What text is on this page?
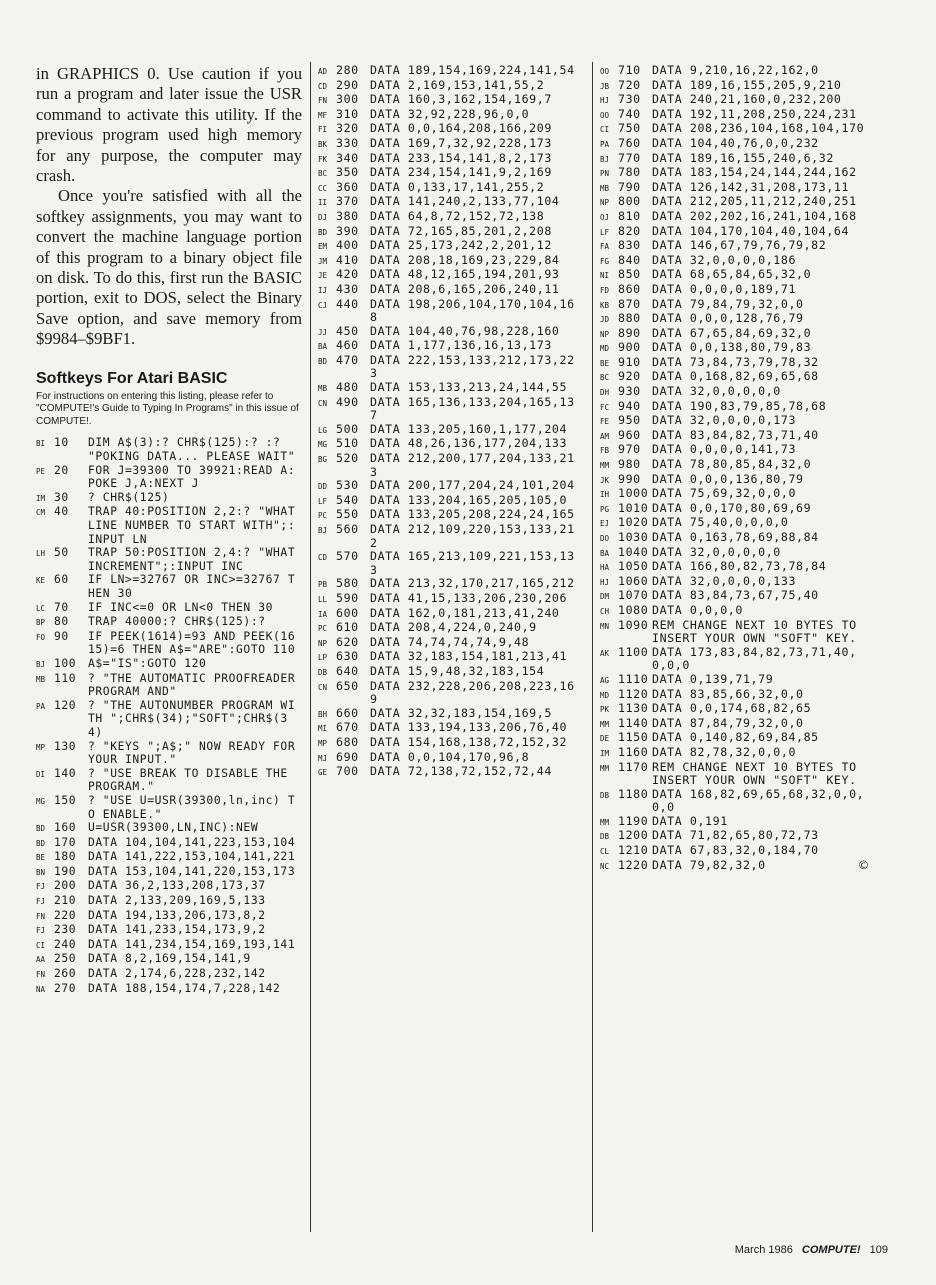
in GRAPHICS 0. Use caution if you run a program and later issue the USR command to activate this utility. If the previous program used high memory for any purpose, the computer may crash.

Once you're satisfied with all the softkey assignments, you may want to convert the machine language portion of this program to a binary object file on disk. To do this, first run the BASIC portion, exit to DOS, select the Binary Save option, and save memory from $9984–$9BF1.

Softkeys For Atari BASIC

For instructions on entering this listing, please refer to "COMPUTE!'s Guide to Typing In Programs" in this issue of COMPUTE!.

BI 10	DIM A$(3):? CHR$(125):? :? "POKING DATA... PLEASE WAIT"
PE 20	FOR J=39300 TO 39921:READ A:POKE J,A:NEXT J
IM 30	? CHR$(125)
CM 40	TRAP 40:POSITION 2,2:? "WHAT LINE NUMBER TO START WITH";:INPUT LN
LH 50	TRAP 50:POSITION 2,4:? "WHAT INCREMENT";:INPUT INC
KE 60	IF LN>=32767 OR INC>=32767 THEN 30
LC 70	IF INC<=0 OR LN<0 THEN 30
BP 80	TRAP 40000:? CHR$(125):?
FO 90	IF PEEK(1614)=93 AND PEEK(1615)=6 THEN A$="ARE":GOTO 110
BJ 100	A$="IS":GOTO 120
MB 110	? "THE AUTOMATIC PROOFREADER PROGRAM AND"
PA 120	? "THE AUTONUMBER PROGRAM WITH ";CHR$(34);"SOFT";CHR$(34)
MP 130	? "KEYS ";A$;" NOW READY FOR YOUR INPUT."
DI 140	? "USE BREAK TO DISABLE THE PROGRAM."
MG 150	? "USE U=USR(39300,ln,inc) TO ENABLE."
BD 160	U=USR(39300,LN,INC):NEW
BD 170	DATA 104,104,141,223,153,104
BE 180	DATA 141,222,153,104,141,221
BN 190	DATA 153,104,141,220,153,173
FJ 200	DATA 36,2,133,208,173,37
FJ 210	DATA 2,133,209,169,5,133
FN 220	DATA 194,133,206,173,8,2
FJ 230	DATA 141,233,154,173,9,2
CI 240	DATA 141,234,154,169,193,141
AA 250	DATA 8,2,169,154,141,9
FN 260	DATA 2,174,6,228,232,142
NA 270	DATA 188,154,174,7,228,142
AD 280 DATA 189,154,169,224,141,54
CD 290 DATA 2,169,153,141,55,2
FN 300 DATA 160,3,162,154,169,7
MF 310 DATA 32,92,228,96,0,0
FI 320 DATA 0,0,164,208,166,209
BK 330 DATA 169,7,32,92,228,173
FK 340 DATA 233,154,141,8,2,173
BC 350 DATA 234,154,141,9,2,169
CC 360 DATA 0,133,17,141,255,2
II 370 DATA 141,240,2,133,77,104
DJ 380 DATA 64,8,72,152,72,138
BD 390 DATA 72,165,85,201,2,208
EM 400 DATA 25,173,242,2,201,12
JM 410 DATA 208,18,169,23,229,84
JE 420 DATA 48,12,165,194,201,93
IJ 430 DATA 208,6,165,206,240,11
CJ 440 DATA 198,206,104,170,104,168
JJ 450 DATA 104,40,76,98,228,160
BA 460 DATA 1,177,136,16,13,173
BD 470 DATA 222,153,133,212,173,223
MB 480 DATA 153,133,213,24,144,55
CN 490 DATA 165,136,133,204,165,137
LG 500 DATA 133,205,160,1,177,204
MG 510 DATA 48,26,136,177,204,133
BG 520 DATA 212,200,177,204,133,213
DD 530 DATA 200,177,204,24,101,204
LF 540 DATA 133,204,165,205,105,0
PC 550 DATA 133,205,208,224,24,165
BJ 560 DATA 212,109,220,153,133,212
CD 570 DATA 165,213,109,221,153,133
PB 580 DATA 213,32,170,217,165,212
LL 590 DATA 41,15,133,206,230,206
IA 600 DATA 162,0,181,213,41,240
PC 610 DATA 208,4,224,0,240,9
NP 620 DATA 74,74,74,74,9,48
LP 630 DATA 32,183,154,181,213,41
DB 640 DATA 15,9,48,32,183,154
CN 650 DATA 232,228,206,208,223,169
BH 660 DATA 32,32,183,154,169,5
MI 670 DATA 133,194,133,206,76,40
MP 680 DATA 154,168,138,72,152,32
MJ 690 DATA 0,0,104,170,96,8
GE 700 DATA 72,138,72,152,72,44
OO 710 DATA 9,210,16,22,162,0
JB 720 DATA 189,16,155,205,9,210
HJ 730 DATA 240,21,160,0,232,200
OO 740 DATA 192,11,208,250,224,231
CI 750 DATA 208,236,104,168,104,170
PA 760 DATA 104,40,76,0,0,232
BJ 770 DATA 189,16,155,240,6,32
PN 780 DATA 183,154,24,144,244,162
MB 790 DATA 126,142,31,208,173,11
NP 800 DATA 212,205,11,212,240,251
OJ 810 DATA 202,202,16,241,104,168
LF 820 DATA 104,170,104,40,104,64
FA 830 DATA 146,67,79,76,79,82
FG 840 DATA 32,0,0,0,0,186
NI 850 DATA 68,65,84,65,32,0
FD 860 DATA 0,0,0,0,189,71
KB 870 DATA 79,84,79,32,0,0
JD 880 DATA 0,0,0,128,76,79
NP 890 DATA 67,65,84,69,32,0
MD 900 DATA 0,0,138,80,79,83
BE 910 DATA 73,84,73,79,78,32
BC 920 DATA 0,168,82,69,65,68
DH 930 DATA 32,0,0,0,0,0
FC 940 DATA 190,83,79,85,78,68
FE 950 DATA 32,0,0,0,0,173
AM 960 DATA 83,84,82,73,71,40
FB 970 DATA 0,0,0,0,141,73
MM 980 DATA 78,80,85,84,32,0
JK 990 DATA 0,0,0,136,80,79
IH 1000 DATA 75,69,32,0,0,0
PG 1010 DATA 0,0,170,80,69,69
EJ 1020 DATA 75,40,0,0,0,0
DO 1030 DATA 0,163,78,69,88,84
BA 1040 DATA 32,0,0,0,0,0
HA 1050 DATA 166,80,82,73,78,84
HJ 1060 DATA 32,0,0,0,0,133
DM 1070 DATA 83,84,73,67,75,40
CH 1080 DATA 0,0,0,0
MN 1090 REM CHANGE NEXT 10 BYTES TO INSERT YOUR OWN "SOFT" KEY.
AK 1100 DATA 173,83,84,82,73,71,40,0,0,0
AG 1110 DATA 0,139,71,79
MD 1120 DATA 83,85,66,32,0,0
PK 1130 DATA 0,0,174,68,82,65
MM 1140 DATA 87,84,79,32,0,0
DE 1150 DATA 0,140,82,69,84,85
IM 1160 DATA 82,78,32,0,0,0
MM 1170 REM CHANGE NEXT 10 BYTES TO INSERT YOUR OWN "SOFT" KEY.
DB 1180 DATA 168,82,69,65,68,32,0,0,0,0
MM 1190 DATA 0,191
DB 1200 DATA 71,82,65,80,72,73
CL 1210 DATA 67,83,32,0,184,70
NC 1220 DATA 79,82,32,0	©
March 1986 COMPUTE! 109
